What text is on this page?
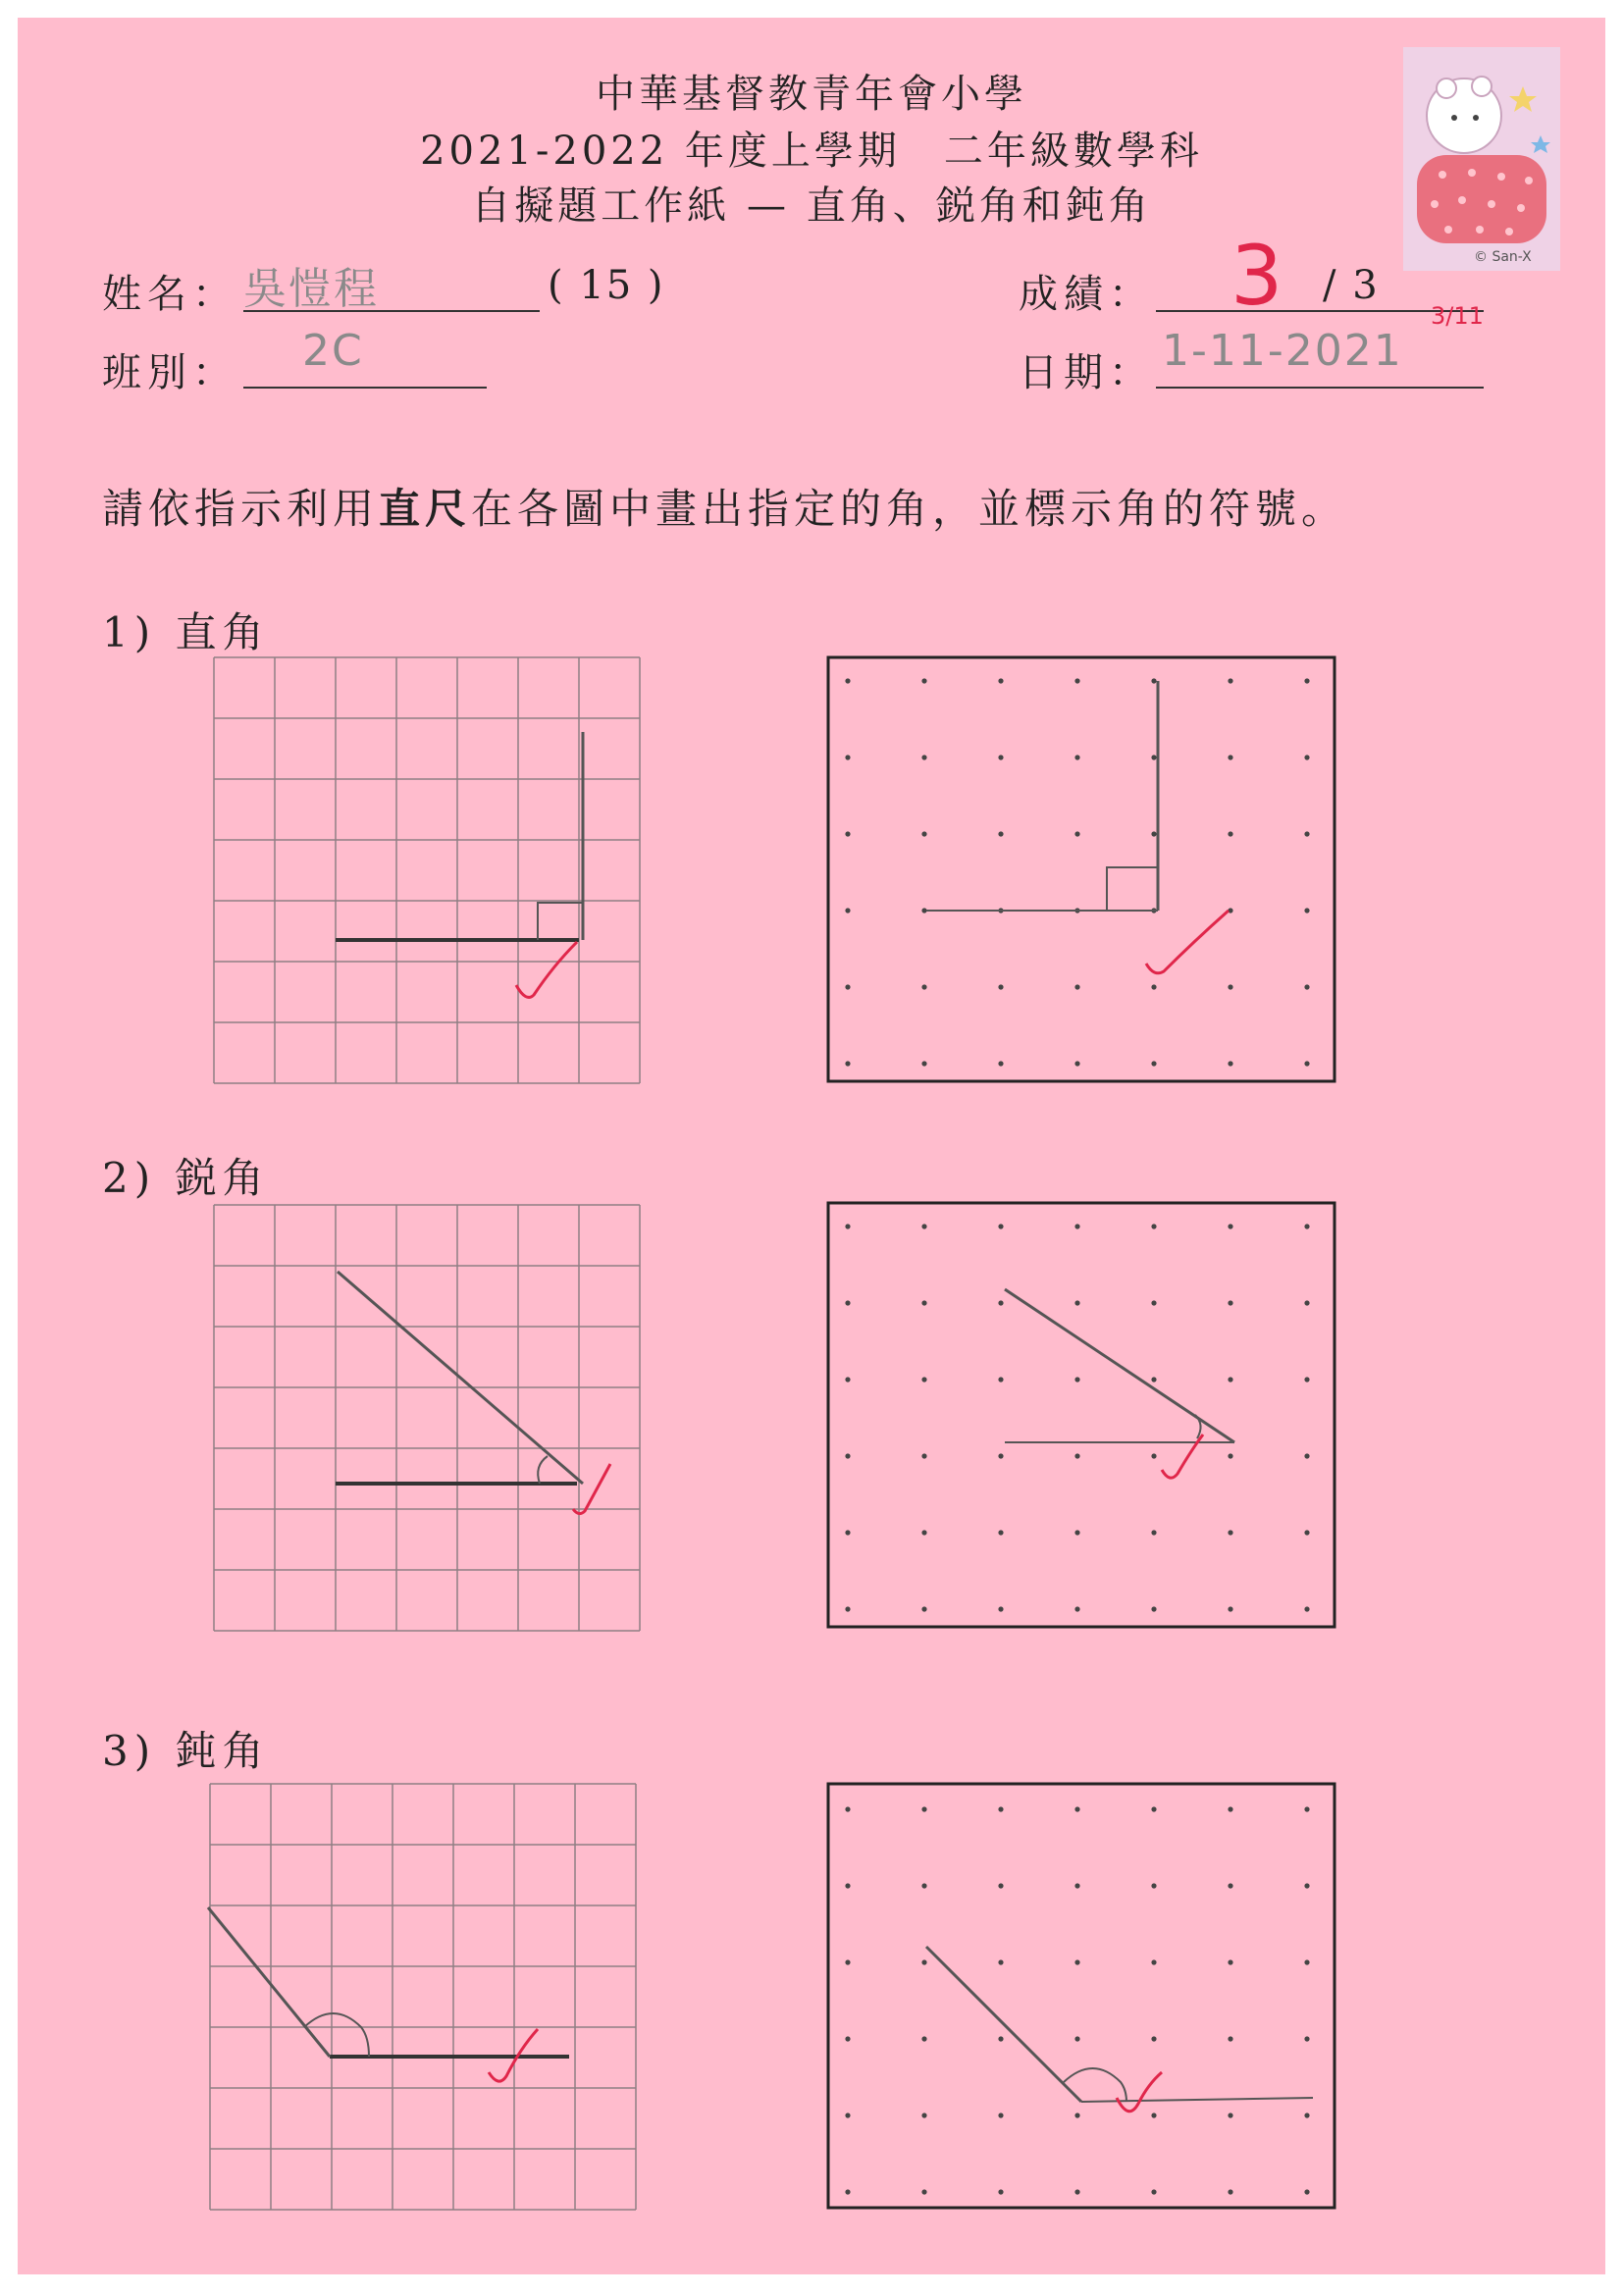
中華基督教青年會小學
2021-2022 年度上學期　二年級數學科
自擬題工作紙 — 直角、鋭角和鈍角
© San-X
姓名： 吳愷程	( 15 )	成績： 3 / 3
班別： 2C	日期： 1-11-2021
3/11
請依指示利用直尺在各圖中畫出指定的角，並標示角的符號。
1) 直角
2) 鋭角
3) 鈍角
